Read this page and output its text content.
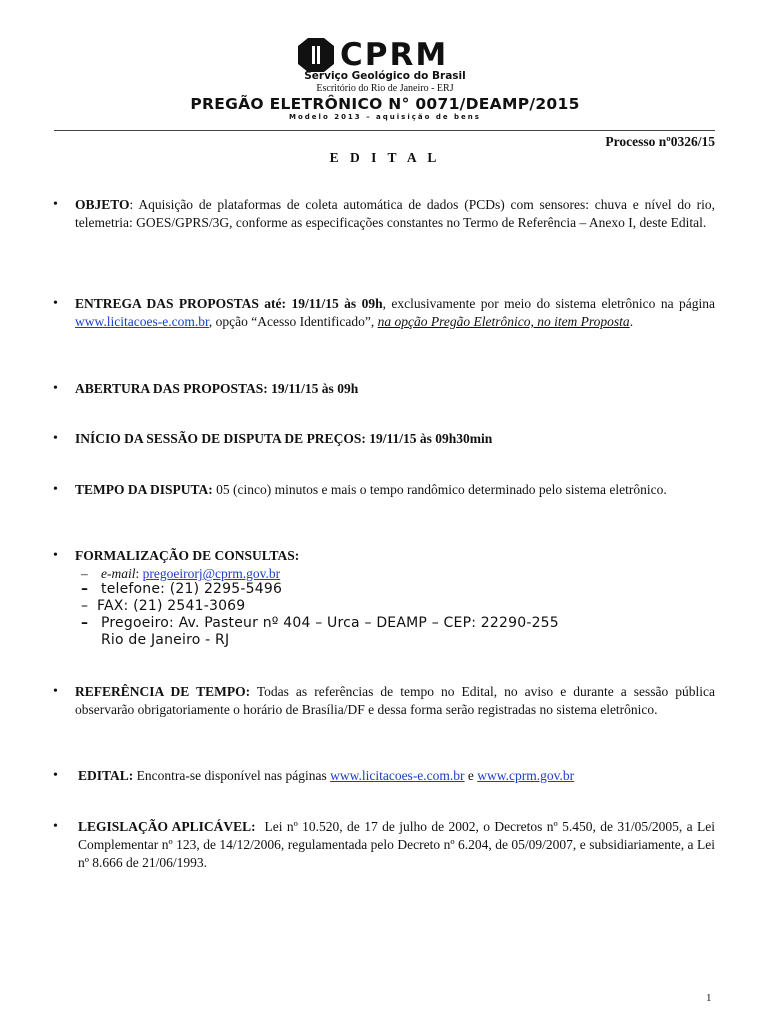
CPRM
Serviço Geológico do Brasil
Escritório do Rio de Janeiro - ERJ
PREGÃO ELETRÔNICO N° 0071/DEAMP/2015
Modelo 2013 – aquisição de bens
Processo nº0326/15
E D I T A L
• OBJETO: Aquisição de plataformas de coleta automática de dados (PCDs) com sensores: chuva e nível do rio, telemetria: GOES/GPRS/3G, conforme as especificações constantes no Termo de Referência – Anexo I, deste Edital.
• ENTREGA DAS PROPOSTAS até: 19/11/15 às 09h, exclusivamente por meio do sistema eletrônico na página www.licitacoes-e.com.br, opção “Acesso Identificado”, na opção Pregão Eletrônico, no item Proposta.
• ABERTURA DAS PROPOSTAS: 19/11/15 às 09h
• INÍCIO DA SESSÃO DE DISPUTA DE PREÇOS: 19/11/15 às 09h30min
• TEMPO DA DISPUTA: 05 (cinco) minutos e mais o tempo randômico determinado pelo sistema eletrônico.
• FORMALIZAÇÃO DE CONSULTAS:
– e-mail: pregoeirorj@cprm.gov.br
– telefone: (21) 2295-5496
– FAX: (21) 2541-3069
– Pregoeiro: Av. Pasteur nº 404 – Urca – DEAMP – CEP: 22290-255
Rio de Janeiro - RJ
• REFERÊNCIA DE TEMPO: Todas as referências de tempo no Edital, no aviso e durante a sessão pública observarão obrigatoriamente o horário de Brasília/DF e dessa forma serão registradas no sistema eletrônico.
• EDITAL: Encontra-se disponível nas páginas www.licitacoes-e.com.br e www.cprm.gov.br
• LEGISLAÇÃO APLICÁVEL:  Lei nº 10.520, de 17 de julho de 2002, o Decretos nº 5.450, de 31/05/2005, a Lei Complementar nº 123, de 14/12/2006, regulamentada pelo Decreto nº 6.204, de 05/09/2007, e subsidiariamente, a Lei nº 8.666 de 21/06/1993.
1
